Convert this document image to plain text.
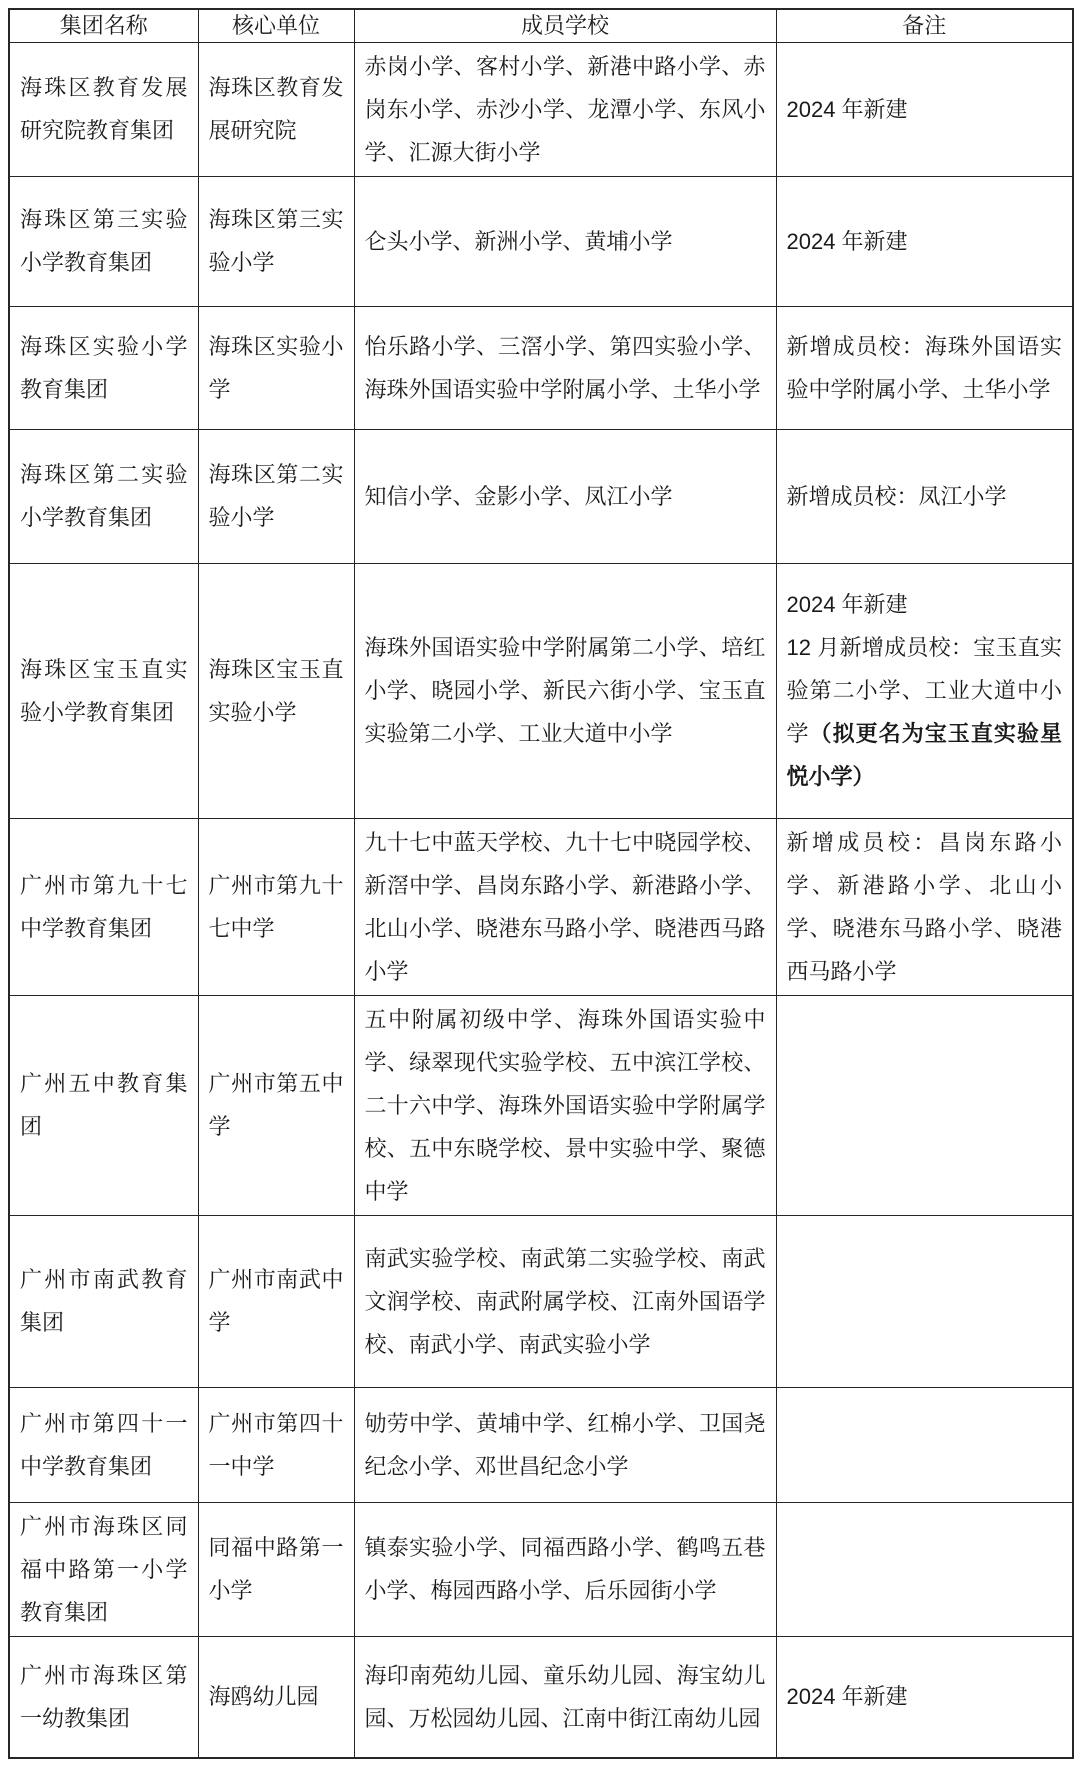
集团名称	核心单位	成员学校	备注
海珠区教育发展研究院教育集团	海珠区教育发展研究院	赤岗小学、客村小学、新港中路小学、赤岗东小学、赤沙小学、龙潭小学、东风小学、汇源大街小学	2024 年新建

海珠区第三实验小学教育集团	海珠区第三实验小学	仑头小学、新洲小学、黄埔小学	2024 年新建

海珠区实验小学教育集团	海珠区实验小学	怡乐路小学、三滘小学、第四实验小学、海珠外国语实验中学附属小学、土华小学	新增成员校：海珠外国语实验中学附属小学、土华小学

海珠区第二实验小学教育集团	海珠区第二实验小学	知信小学、金影小学、凤江小学	新增成员校：凤江小学

海珠区宝玉直实验小学教育集团	海珠区宝玉直实验小学	海珠外国语实验中学附属第二小学、培红小学、晓园小学、新民六街小学、宝玉直实验第二小学、工业大道中小学	2024 年新建
12 月新增成员校：宝玉直实验第二小学、工业大道中小学（拟更名为宝玉直实验星悦小学）

广州市第九十七中学教育集团	广州市第九十七中学	九十七中蓝天学校、九十七中晓园学校、新滘中学、昌岗东路小学、新港路小学、北山小学、晓港东马路小学、晓港西马路小学	新增成员校：昌岗东路小学、新港路小学、北山小学、晓港东马路小学、晓港西马路小学

广州五中教育集团	广州市第五中学	五中附属初级中学、海珠外国语实验中学、绿翠现代实验学校、五中滨江学校、二十六中学、海珠外国语实验中学附属学校、五中东晓学校、景中实验中学、聚德中学	
广州市南武教育集团	广州市南武中学	南武实验学校、南武第二实验学校、南武文润学校、南武附属学校、江南外国语学校、南武小学、南武实验小学	
广州市第四十一中学教育集团	广州市第四十一中学	劬劳中学、黄埔中学、红棉小学、卫国尧纪念小学、邓世昌纪念小学	
广州市海珠区同福中路第一小学教育集团	同福中路第一小学	镇泰实验小学、同福西路小学、鹤鸣五巷小学、梅园西路小学、后乐园街小学	
广州市海珠区第一幼教集团	海鸥幼儿园	海印南苑幼儿园、童乐幼儿园、海宝幼儿园、万松园幼儿园、江南中街江南幼儿园	2024 年新建
